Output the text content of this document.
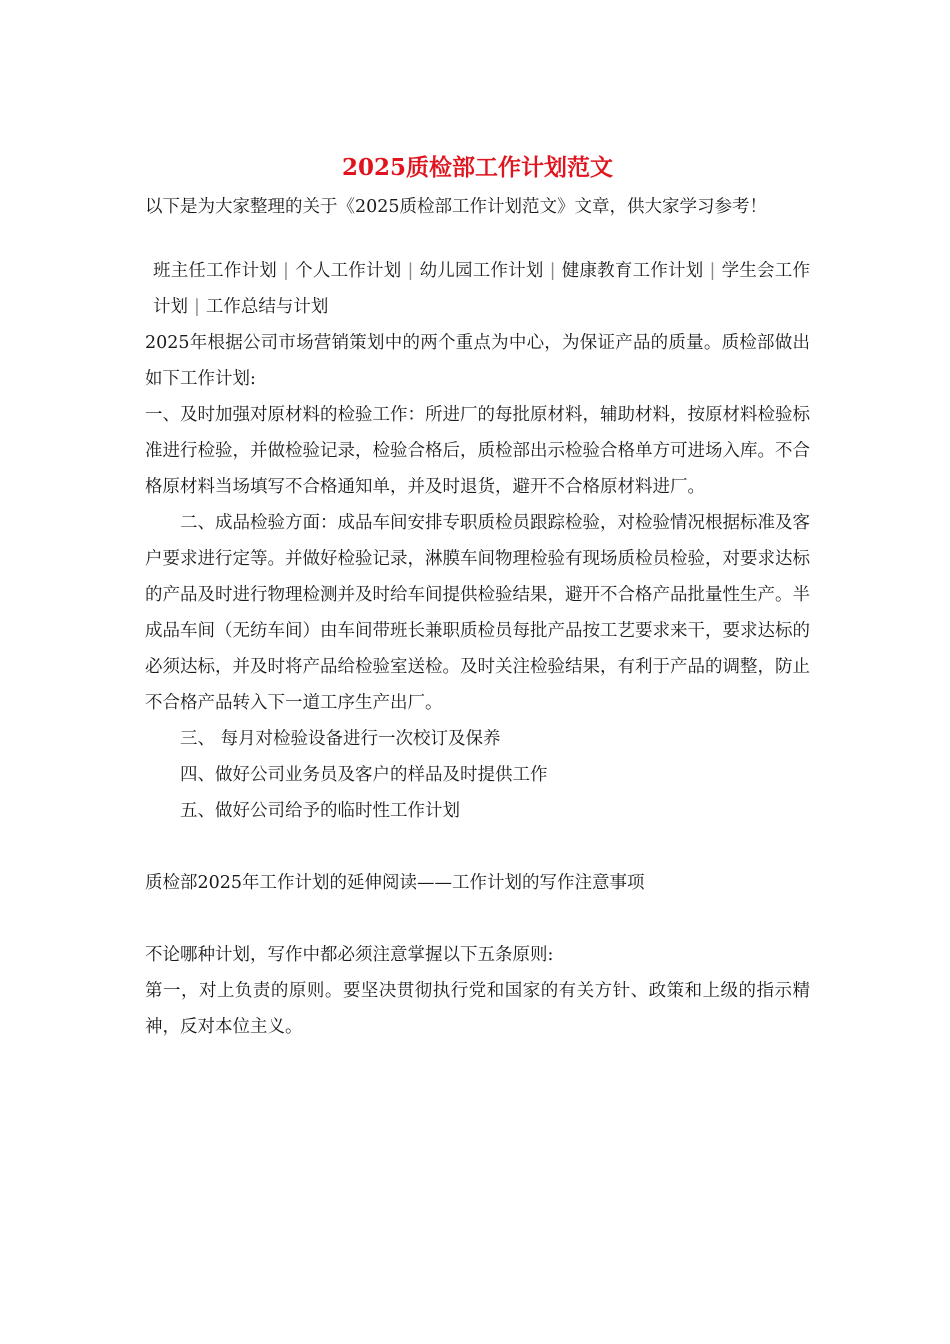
2025质检部工作计划范文

以下是为大家整理的关于《2025质检部工作计划范文》文章，供大家学习参考！

班主任工作计划 | 个人工作计划 | 幼儿园工作计划 | 健康教育工作计划 | 学生会工作计划 | 工作总结与计划

2025年根据公司市场营销策划中的两个重点为中心，为保证产品的质量。质检部做出如下工作计划:

一、及时加强对原材料的检验工作：所进厂的每批原材料，辅助材料，按原材料检验标准进行检验，并做检验记录，检验合格后，质检部出示检验合格单方可进场入库。不合格原材料当场填写不合格通知单，并及时退货，避开不合格原材料进厂。

二、成品检验方面：成品车间安排专职质检员跟踪检验，对检验情况根据标准及客户要求进行定等。并做好检验记录，淋膜车间物理检验有现场质检员检验，对要求达标的产品及时进行物理检测并及时给车间提供检验结果，避开不合格产品批量性生产。半成品车间（无纺车间）由车间带班长兼职质检员每批产品按工艺要求来干，要求达标的必须达标，并及时将产品给检验室送检。及时关注检验结果，有利于产品的调整，防止不合格产品转入下一道工序生产出厂。

三、 每月对检验设备进行一次校订及保养

四、做好公司业务员及客户的样品及时提供工作

五、做好公司给予的临时性工作计划

质检部2025年工作计划的延伸阅读——工作计划的写作注意事项

不论哪种计划，写作中都必须注意掌握以下五条原则:

第一，对上负责的原则。要坚决贯彻执行党和国家的有关方针、政策和上级的指示精神，反对本位主义。
